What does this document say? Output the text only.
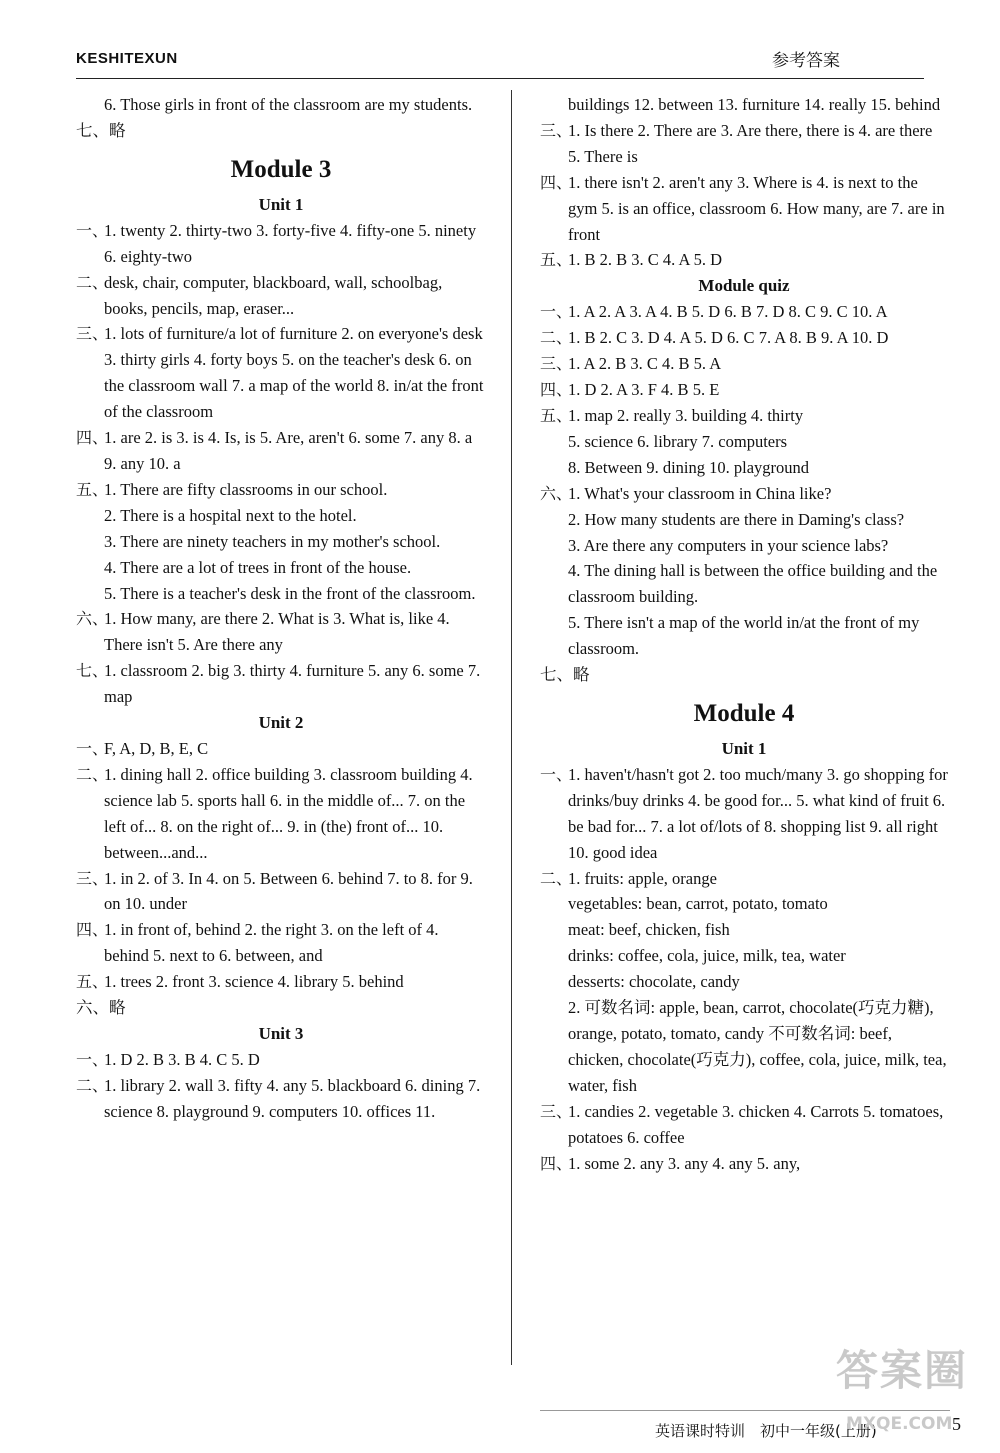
KESHITEXUN	参考答案
6. Those girls in front of the classroom are my students.
七、略
Module 3
Unit 1
一、
1. twenty 2. thirty-two 3. forty-five 4. fifty-one 5. ninety 6. eighty-two
二、
desk, chair, computer, blackboard, wall, schoolbag, books, pencils, map, eraser...
三、
1. lots of furniture/a lot of furniture 2. on everyone's desk 3. thirty girls 4. forty boys 5. on the teacher's desk 6. on the classroom wall 7. a map of the world 8. in/at the front of the classroom
四、
1. are 2. is 3. is 4. Is, is 5. Are, aren't 6. some 7. any 8. a 9. any 10. a
五、
1. There are fifty classrooms in our school.
2. There is a hospital next to the hotel.
3. There are ninety teachers in my mother's school.
4. There are a lot of trees in front of the house.
5. There is a teacher's desk in the front of the classroom.
六、
1. How many, are there 2. What is 3. What is, like 4. There isn't 5. Are there any
七、
1. classroom 2. big 3. thirty 4. furniture 5. any 6. some 7. map
Unit 2
一、
F, A, D, B, E, C
二、
1. dining hall 2. office building 3. classroom building 4. science lab 5. sports hall 6. in the middle of... 7. on the left of... 8. on the right of... 9. in (the) front of... 10. between...and...
三、
1. in 2. of 3. In 4. on 5. Between 6. behind 7. to 8. for 9. on 10. under
四、
1. in front of, behind 2. the right 3. on the left of 4. behind 5. next to 6. between, and
五、
1. trees 2. front 3. science 4. library 5. behind
六、略
Unit 3
一、
1. D 2. B 3. B 4. C 5. D
二、
1. library 2. wall 3. fifty 4. any 5. blackboard 6. dining 7. science 8. playground 9. computers 10. offices 11.
buildings 12. between 13. furniture 14. really 15. behind
三、
1. Is there 2. There are 3. Are there, there is 4. are there 5. There is
四、
1. there isn't 2. aren't any 3. Where is 4. is next to the gym 5. is an office, classroom 6. How many, are 7. are in front
五、
1. B 2. B 3. C 4. A 5. D
Module quiz
一、
1. A 2. A 3. A 4. B 5. D 6. B 7. D 8. C 9. C 10. A
二、
1. B 2. C 3. D 4. A 5. D 6. C 7. A 8. B 9. A 10. D
三、
1. A 2. B 3. C 4. B 5. A
四、
1. D 2. A 3. F 4. B 5. E
五、
1. map 2. really 3. building 4. thirty
5. science 6. library 7. computers
8. Between 9. dining 10. playground
六、
1. What's your classroom in China like?
2. How many students are there in Daming's class?
3. Are there any computers in your science labs?
4. The dining hall is between the office building and the classroom building.
5. There isn't a map of the world in/at the front of my classroom.
七、略
Module 4
Unit 1
一、
1. haven't/hasn't got 2. too much/many 3. go shopping for drinks/buy drinks 4. be good for... 5. what kind of fruit 6. be bad for... 7. a lot of/lots of 8. shopping list 9. all right 10. good idea
二、
1. fruits: apple, orange
vegetables: bean, carrot, potato, tomato
meat: beef, chicken, fish
drinks: coffee, cola, juice, milk, tea, water
desserts: chocolate, candy
2. 可数名词: apple, bean, carrot, chocolate(巧克力糖), orange, potato, tomato, candy 不可数名词: beef, chicken, chocolate(巧克力), coffee, cola, juice, milk, tea, water, fish
三、
1. candies 2. vegetable 3. chicken 4. Carrots 5. tomatoes, potatoes 6. coffee
四、
1. some 2. any 3. any 4. any 5. any,
英语课时特训　初中一年级(上册)	5
答案圈
MXQE.COM
